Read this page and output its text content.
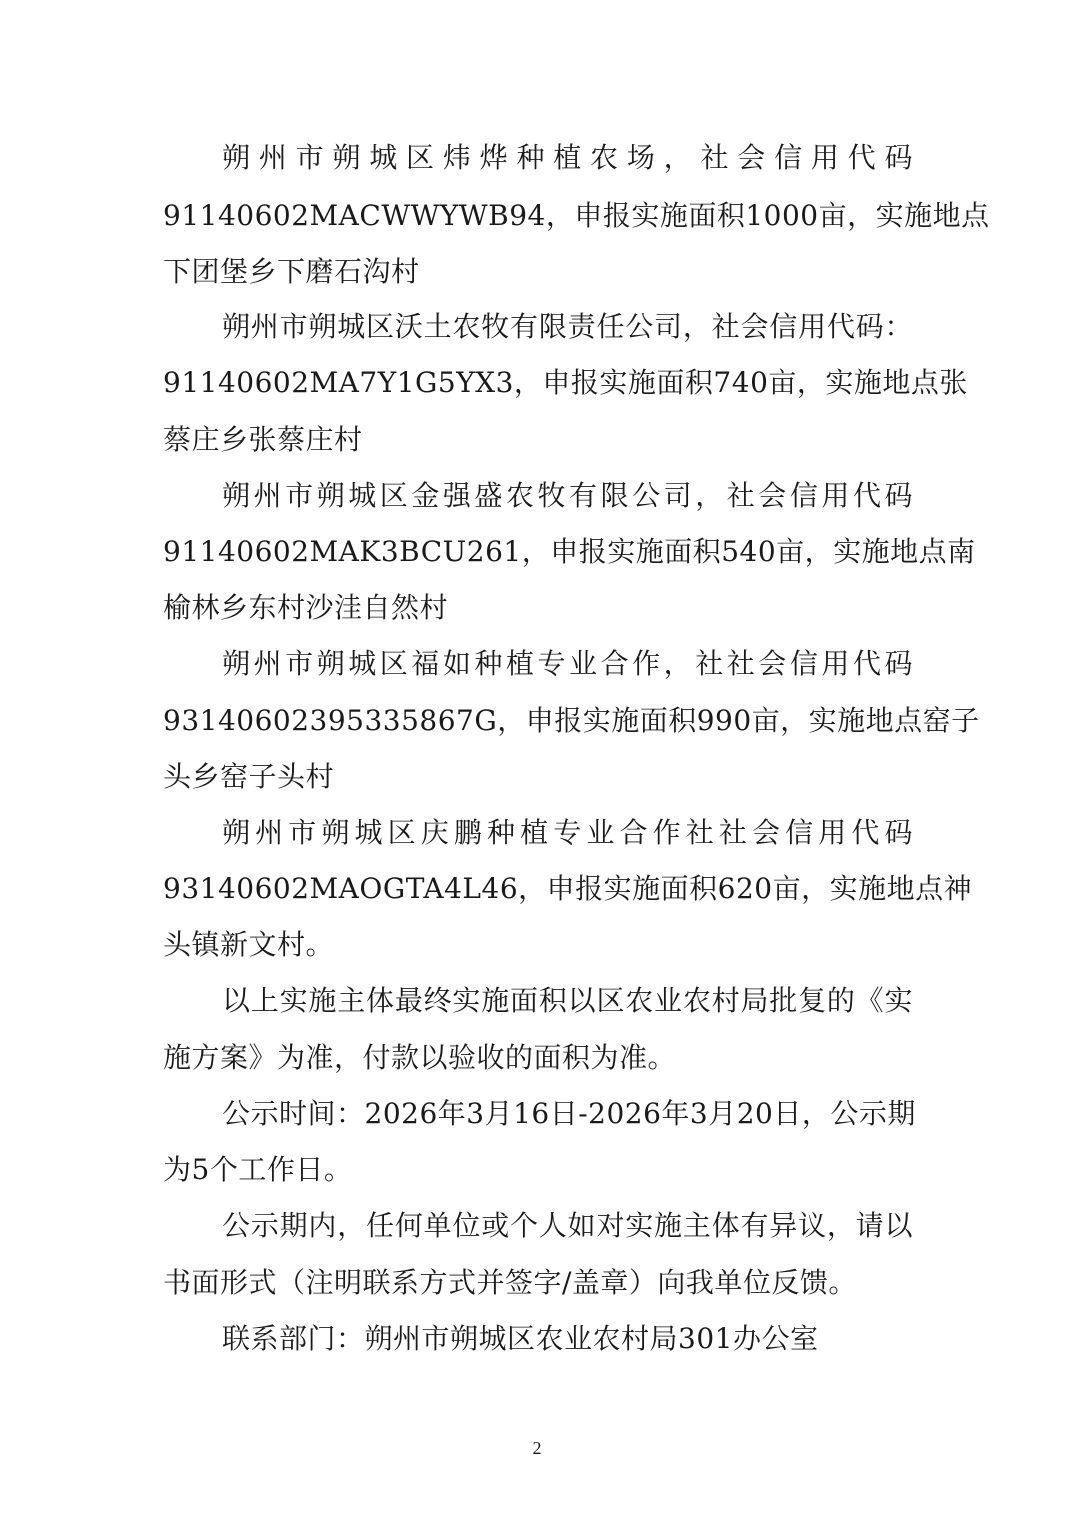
朔州市朔城区炜烨种植农场，社会信用代码
91140602MACWWYWB94，申报实施面积1000亩，实施地点
下团堡乡下磨石沟村
朔州市朔城区沃土农牧有限责任公司，社会信用代码：
91140602MA7Y1G5YX3，申报实施面积740亩，实施地点张
蔡庄乡张蔡庄村
朔州市朔城区金强盛农牧有限公司，社会信用代码
91140602MAK3BCU261，申报实施面积540亩，实施地点南
榆林乡东村沙洼自然村
朔州市朔城区福如种植专业合作，社社会信用代码
93140602395335867G，申报实施面积990亩，实施地点窑子
头乡窑子头村
朔州市朔城区庆鹏种植专业合作社社会信用代码
93140602MAOGTA4L46，申报实施面积620亩，实施地点神
头镇新文村。
以上实施主体最终实施面积以区农业农村局批复的《实
施方案》为准，付款以验收的面积为准。
公示时间：2026年3月16日-2026年3月20日，公示期
为5个工作日。
公示期内，任何单位或个人如对实施主体有异议，请以
书面形式（注明联系方式并签字/盖章）向我单位反馈。
联系部门：朔州市朔城区农业农村局301办公室
2
